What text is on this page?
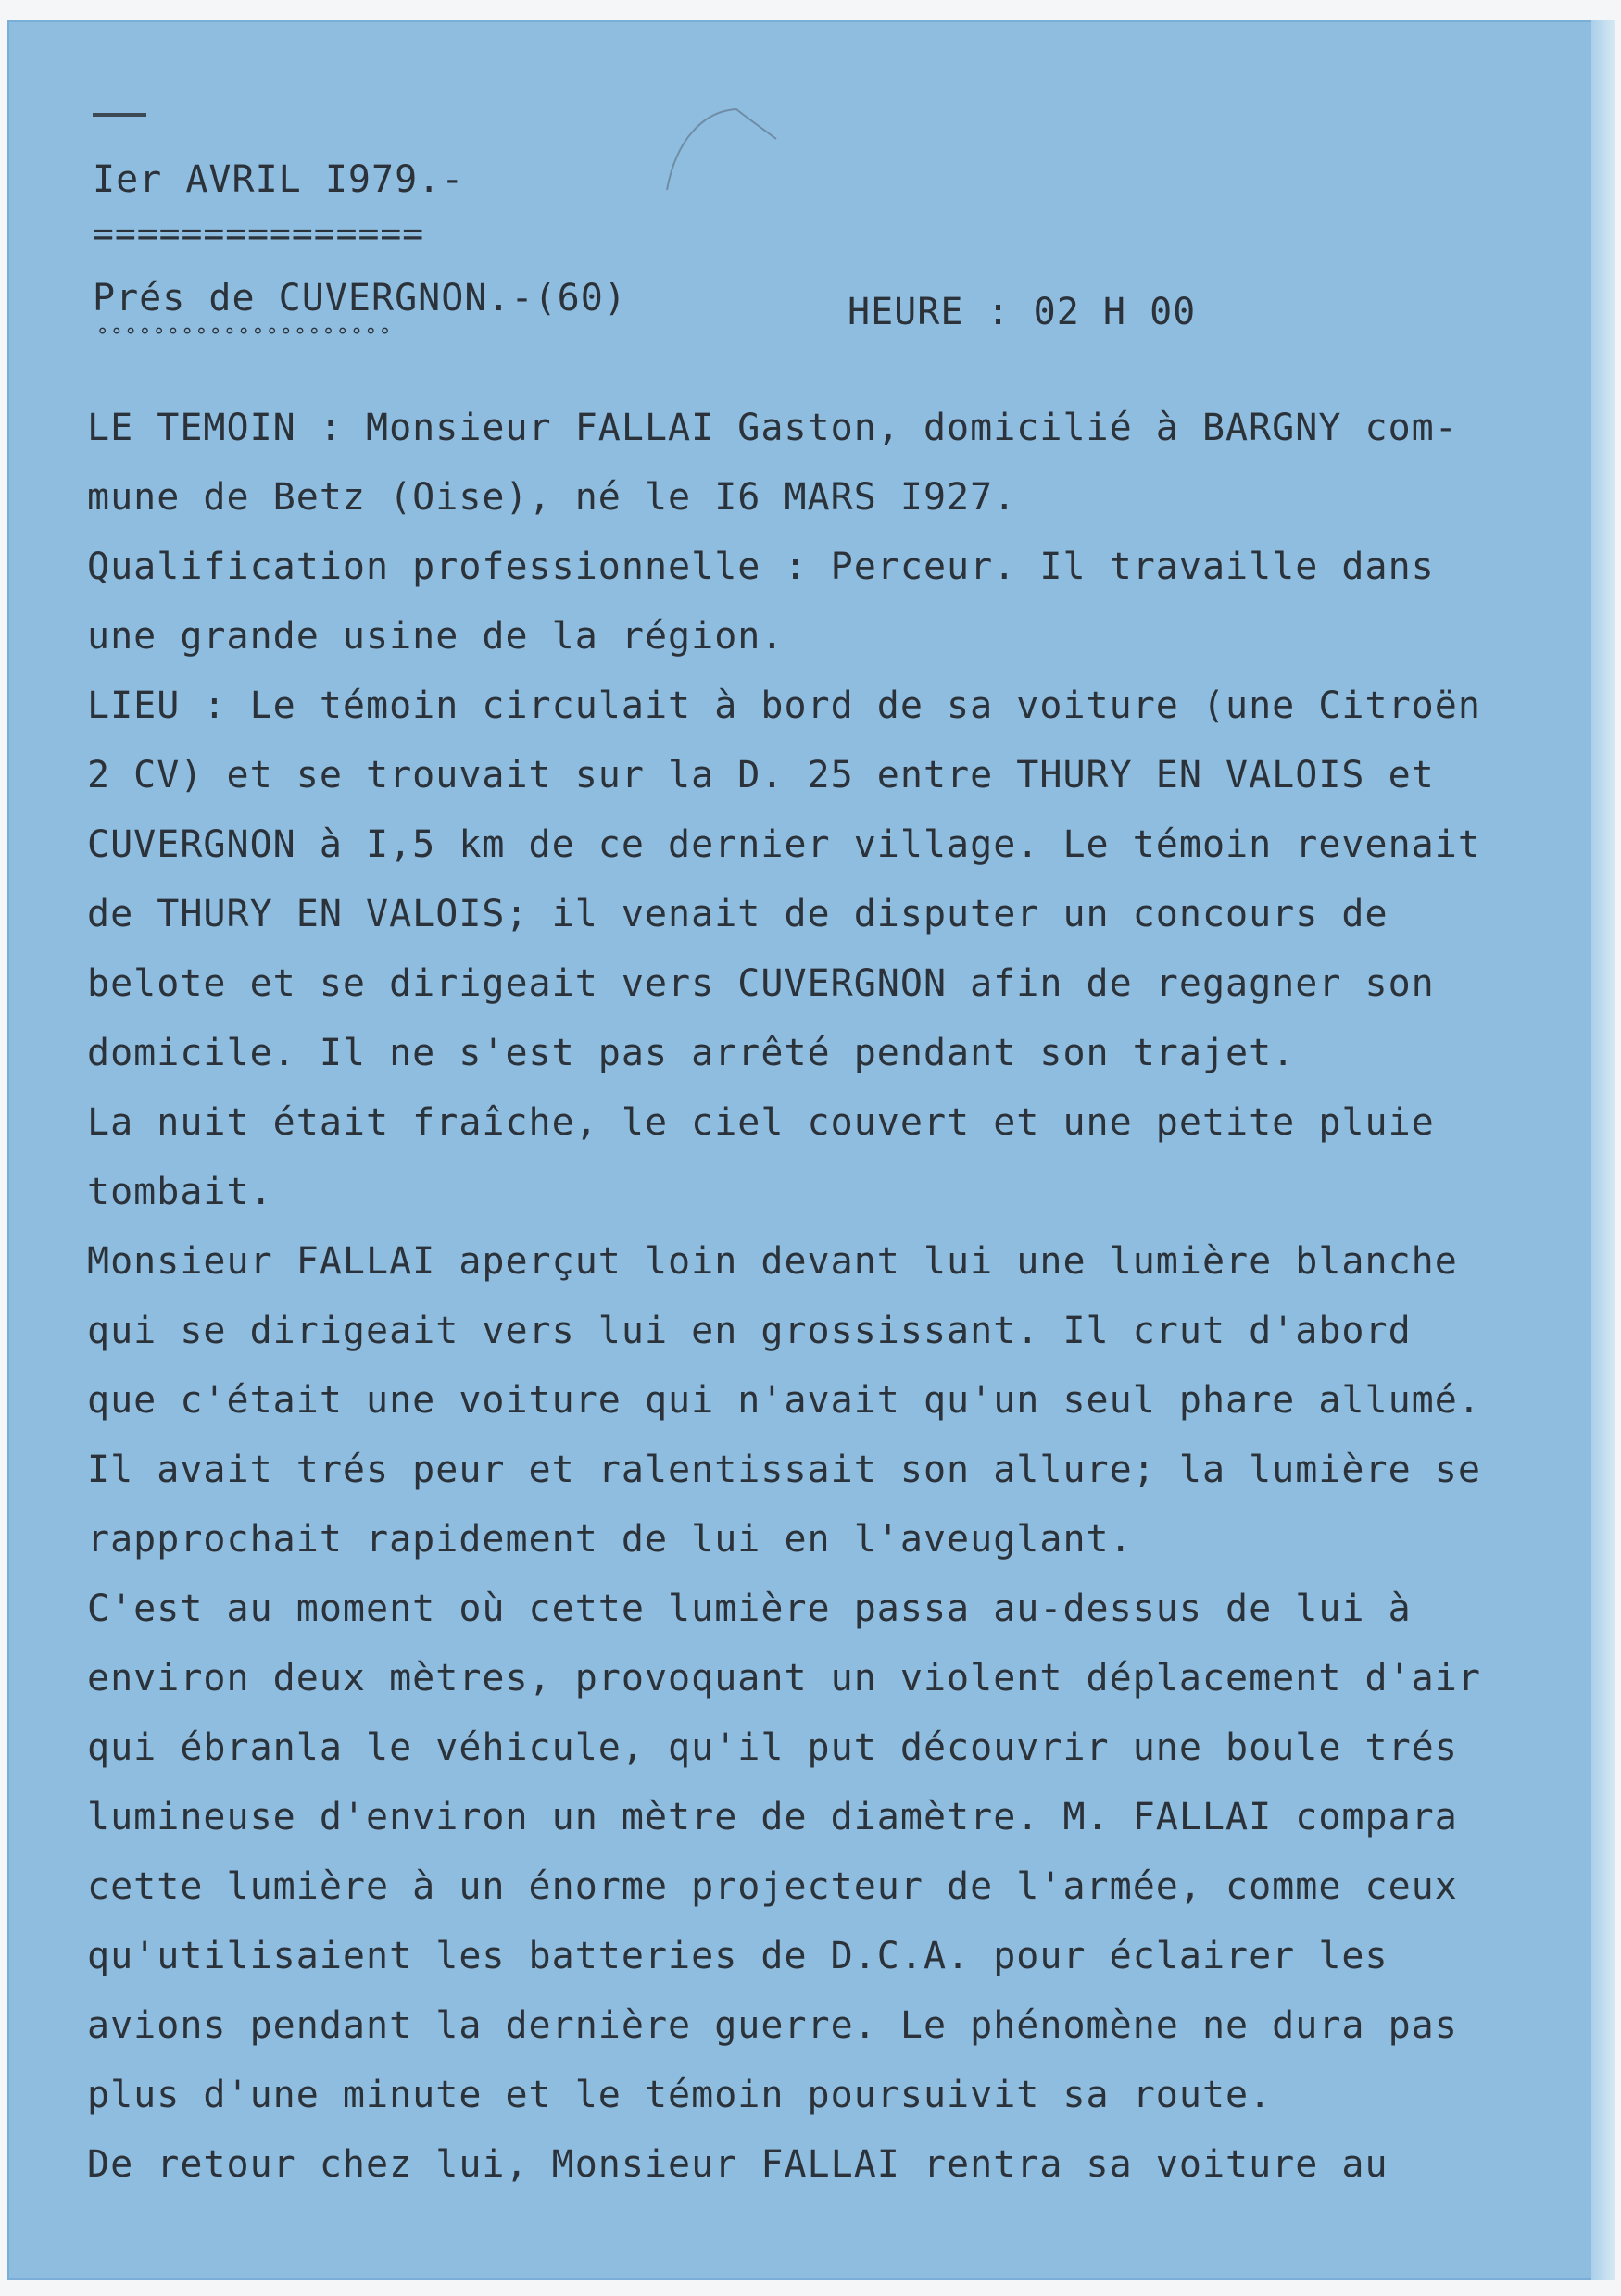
Ier AVRIL I979.-
===============
Prés de CUVERGNON.-(60)
°°°°°°°°°°°°°°°°°°°°°
HEURE : 02 H 00
LE TEMOIN : Monsieur FALLAI Gaston, domicilié à BARGNY com-
mune de Betz (Oise), né le I6 MARS I927.
Qualification professionnelle : Perceur. Il travaille dans
une grande usine de la région.
LIEU : Le témoin circulait à bord de sa voiture (une Citroën
2 CV) et se trouvait sur la D. 25 entre THURY EN VALOIS et
CUVERGNON à I,5 km de ce dernier village. Le témoin revenait
de THURY EN VALOIS; il venait de disputer un concours de
belote et se dirigeait vers CUVERGNON afin de regagner son
domicile. Il ne s'est pas arrêté pendant son trajet.
La nuit était fraîche, le ciel couvert et une petite pluie
tombait.
Monsieur FALLAI aperçut loin devant lui une lumière blanche
qui se dirigeait vers lui en grossissant. Il crut d'abord
que c'était une voiture qui n'avait qu'un seul phare allumé.
Il avait trés peur et ralentissait son allure; la lumière se
rapprochait rapidement de lui en l'aveuglant.
C'est au moment où cette lumière passa au-dessus de lui à
environ deux mètres, provoquant un violent déplacement d'air
qui ébranla le véhicule, qu'il put découvrir une boule trés
lumineuse d'environ un mètre de diamètre. M. FALLAI compara
cette lumière à un énorme projecteur de l'armée, comme ceux
qu'utilisaient les batteries de D.C.A. pour éclairer les
avions pendant la dernière guerre. Le phénomène ne dura pas
plus d'une minute et le témoin poursuivit sa route.
De retour chez lui, Monsieur FALLAI rentra sa voiture au
